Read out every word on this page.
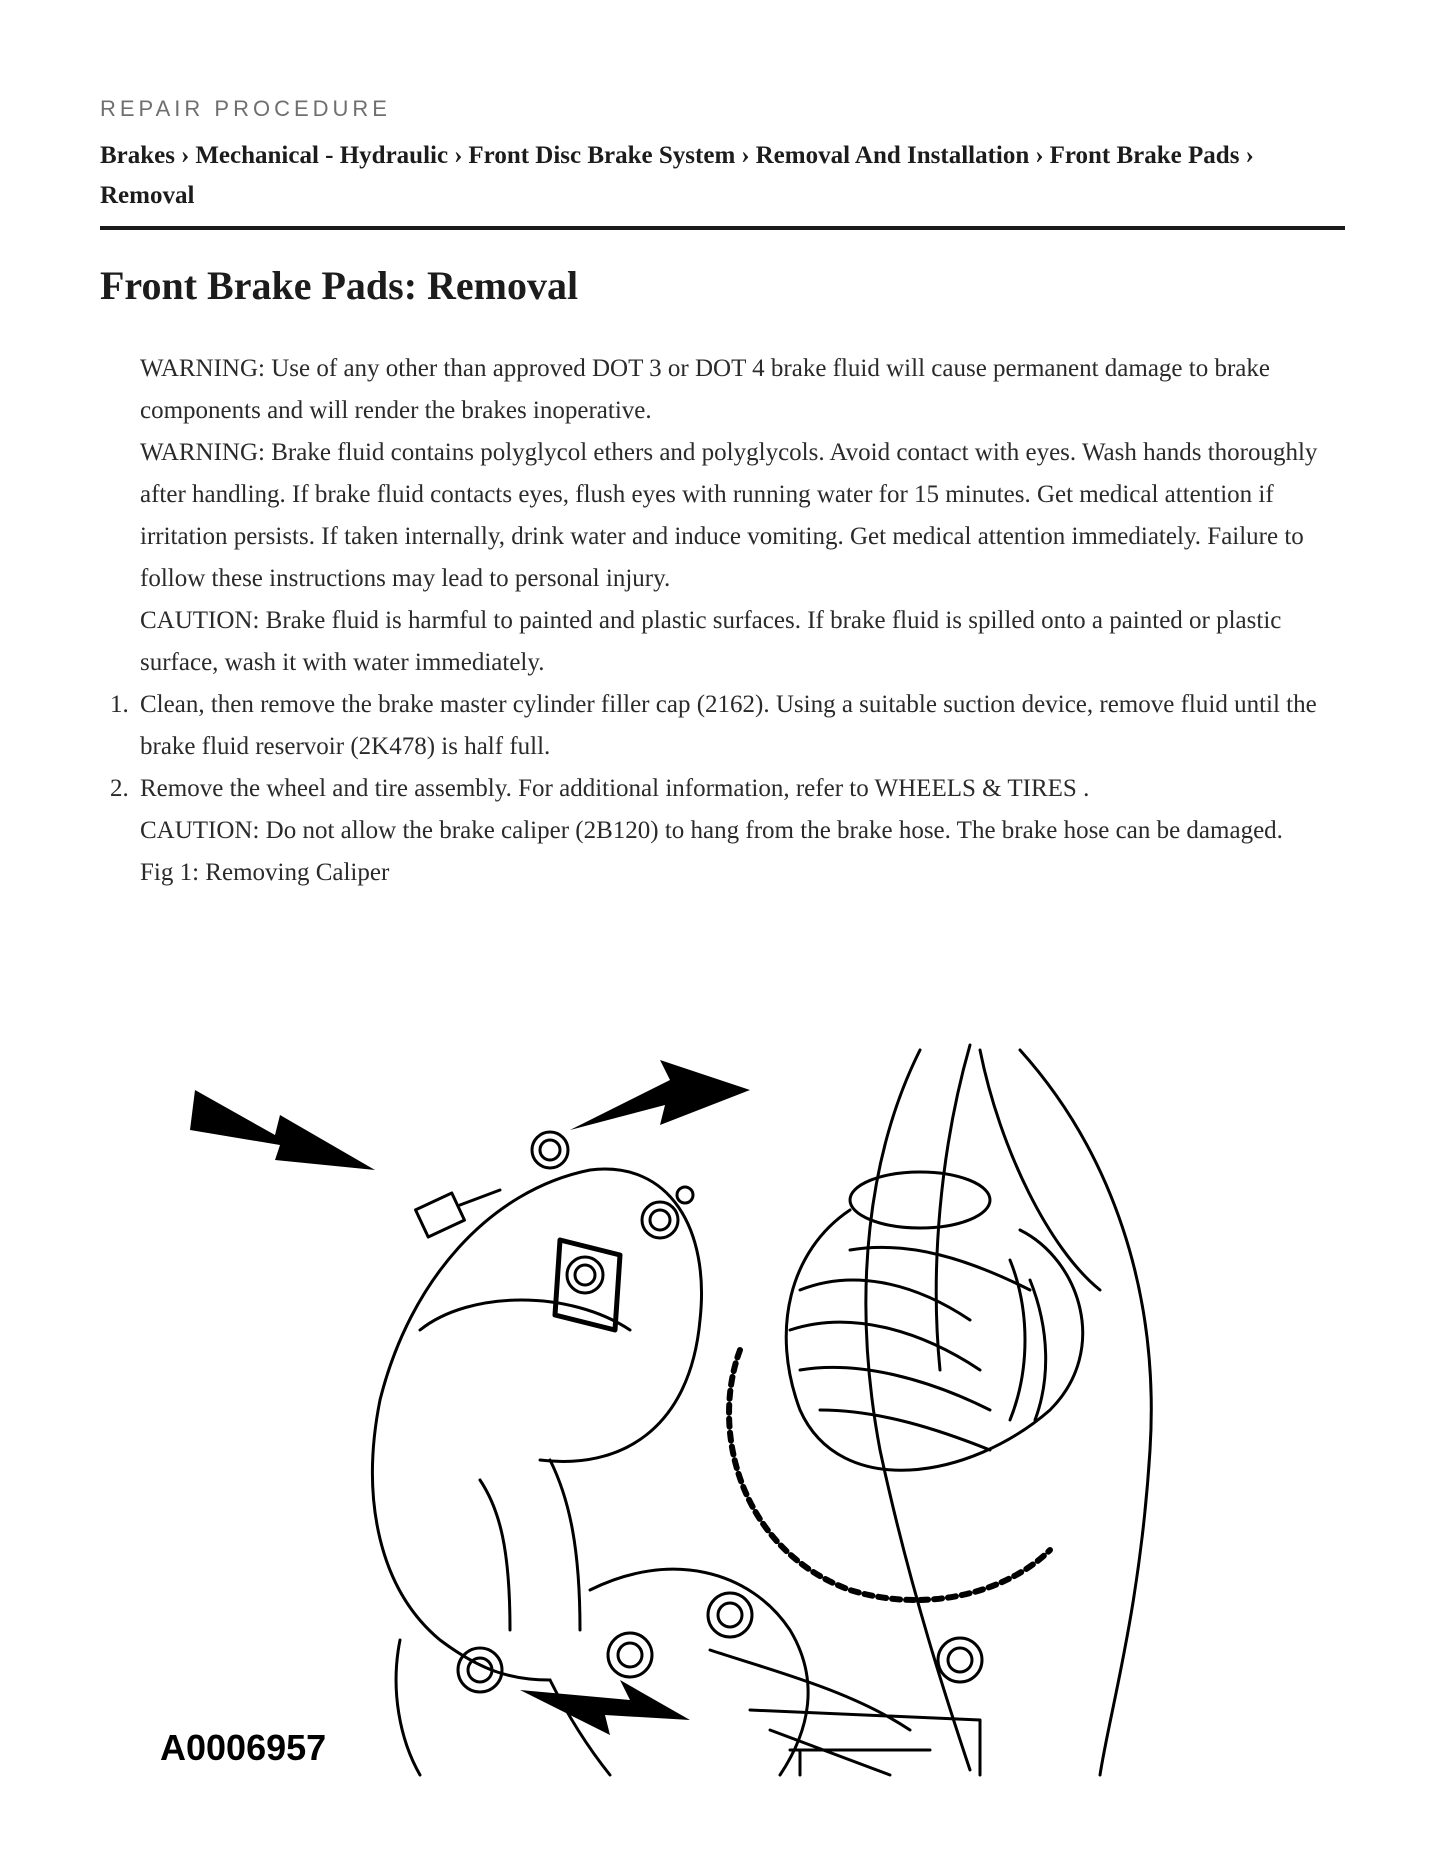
REPAIR PROCEDURE
Brakes › Mechanical - Hydraulic › Front Disc Brake System › Removal And Installation › Front Brake Pads ›
Removal
Front Brake Pads: Removal

WARNING: Use of any other than approved DOT 3 or DOT 4 brake fluid will cause permanent damage to brake components and will render the brakes inoperative.

WARNING: Brake fluid contains polyglycol ethers and polyglycols. Avoid contact with eyes. Wash hands thoroughly after handling. If brake fluid contacts eyes, flush eyes with running water for 15 minutes. Get medical attention if irritation persists. If taken internally, drink water and induce vomiting. Get medical attention immediately. Failure to follow these instructions may lead to personal injury.

CAUTION: Brake fluid is harmful to painted and plastic surfaces. If brake fluid is spilled onto a painted or plastic surface, wash it with water immediately.

1. Clean, then remove the brake master cylinder filler cap (2162). Using a suitable suction device, remove fluid until the brake fluid reservoir (2K478) is half full.
2. Remove the wheel and tire assembly. For additional information, refer to WHEELS & TIRES .

CAUTION: Do not allow the brake caliper (2B120) to hang from the brake hose. The brake hose can be damaged.

Fig 1: Removing Caliper

A0006957
